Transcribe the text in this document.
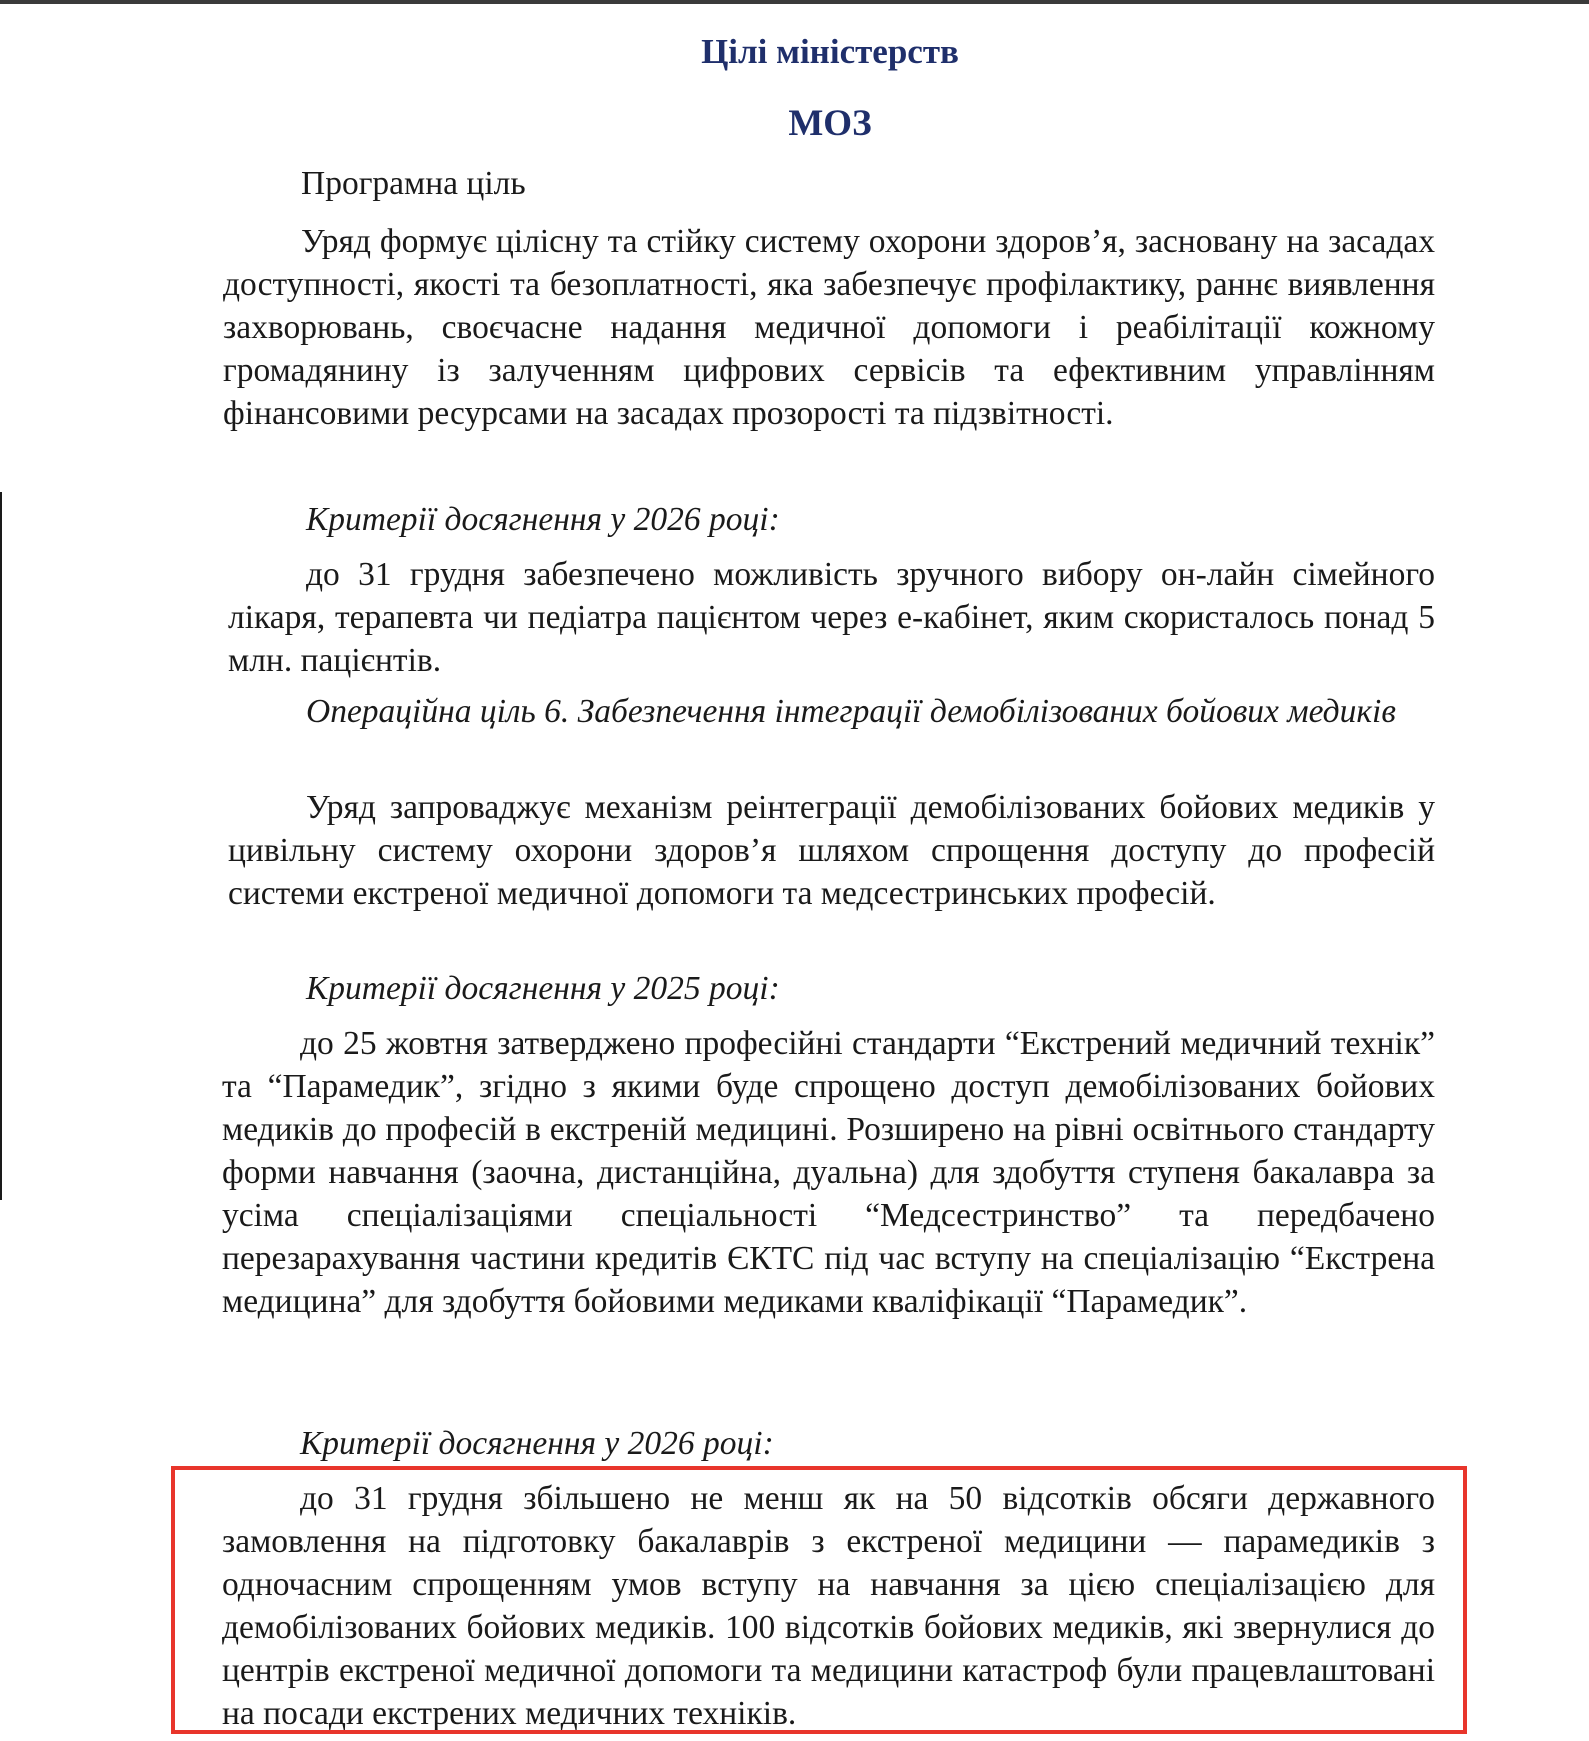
Цілі міністерств
МОЗ

Програмна ціль

Уряд формує цілісну та стійку систему охорони здоров’я, засновану на засадах доступності, якості та безоплатності, яка забезпечує профілактику, раннє виявлення захворювань, своєчасне надання медичної допомоги і реабілітації кожному громадянину із залученням цифрових сервісів та ефективним управлінням фінансовими ресурсами на засадах прозорості та підзвітності.

Критерії досягнення у 2026 році:

до 31 грудня забезпечено можливість зручного вибору он-лайн сімейного лікаря, терапевта чи педіатра пацієнтом через е-кабінет, яким скористалось понад 5 млн. пацієнтів.

Операційна ціль 6. Забезпечення інтеграції демобілізованих бойових медиків

Уряд запроваджує механізм реінтеграції демобілізованих бойових медиків у цивільну систему охорони здоров’я шляхом спрощення доступу до професій системи екстреної медичної допомоги та медсестринських професій.

Критерії досягнення у 2025 році:

до 25 жовтня затверджено професійні стандарти “Екстрений медичний технік” та “Парамедик”, згідно з якими буде спрощено доступ демобілізованих бойових медиків до професій в екстреній медицині. Розширено на рівні освітнього стандарту форми навчання (заочна, дистанційна, дуальна) для здобуття ступеня бакалавра за усіма спеціалізаціями спеціальності “Медсестринство” та передбачено перезарахування частини кредитів ЄКТС під час вступу на спеціалізацію “Екстрена медицина” для здобуття бойовими медиками кваліфікації “Парамедик”.

Критерії досягнення у 2026 році:

до 31 грудня збільшено не менш як на 50 відсотків обсяги державного замовлення на підготовку бакалаврів з екстреної медицини — парамедиків з одночасним спрощенням умов вступу на навчання за цією спеціалізацією для демобілізованих бойових медиків. 100 відсотків бойових медиків, які звернулися до центрів екстреної медичної допомоги та медицини катастроф були працевлаштовані на посади екстрених медичних техніків.
